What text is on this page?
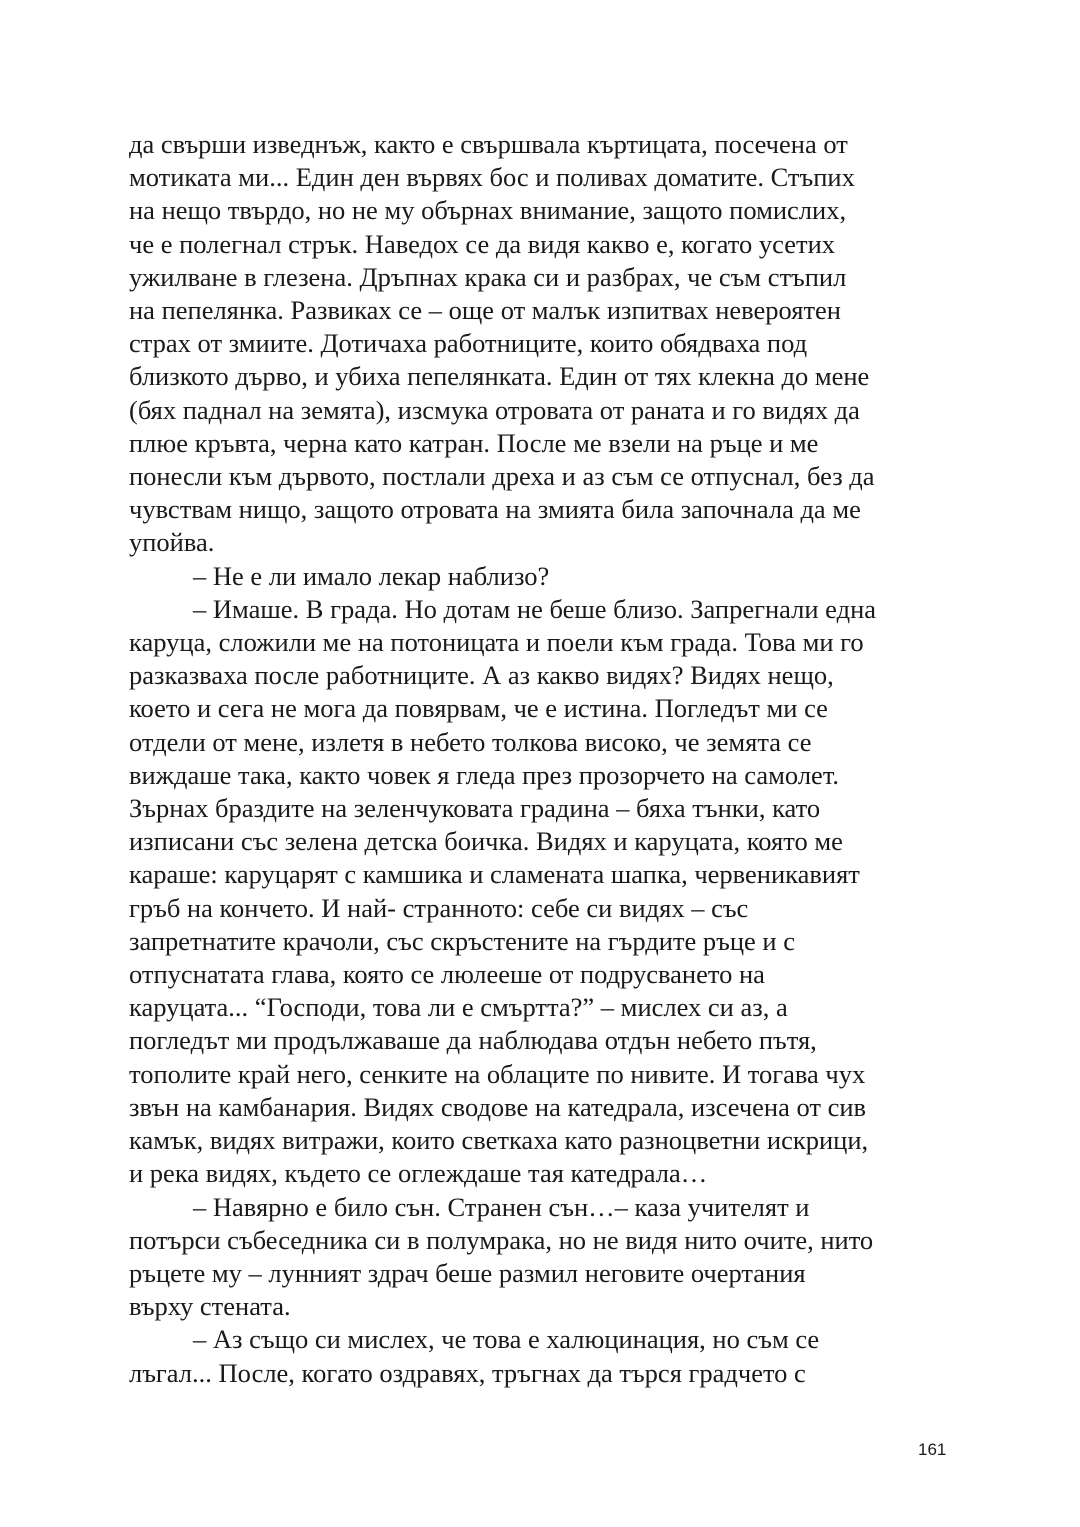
да свърши изведнъж, както е свършвала къртицата, посечена от
мотиката ми... Един ден вървях бос и поливах доматите. Стъпих
на нещо твърдо, но не му обърнах внимание, защото помислих,
че е полегнал стрък. Наведох се да видя какво е, когато усетих
ужилване в глезена. Дръпнах крака си и разбрах, че съм стъпил
на пепелянка. Развиках се – още от малък изпитвах невероятен
страх от змиите. Дотичаха работниците, които обядваха под
близкото дърво, и убиха пепелянката. Един от тях клекна до мене
(бях паднал на земята), изсмука отровата от раната и го видях да
плюе кръвта, черна като катран. После ме взели на ръце и ме
понесли към дървото, постлали дреха и аз съм се отпуснал, без да
чувствам нищо, защото отровата на змията била започнала да ме
упойва.
– Не е ли имало лекар наблизо?
– Имаше. В града. Но дотам не беше близо. Запрегнали една
каруца, сложили ме на потоницата и поели към града. Това ми го
разказваха после работниците. А аз какво видях? Видях нещо,
което и сега не мога да повярвам, че е истина. Погледът ми се
отдели от мене, излетя в небето толкова високо, че земята се
виждаше така, както човек я гледа през прозорчето на самолет.
Зърнах браздите на зеленчуковата градина – бяха тънки, като
изписани със зелена детска боичка. Видях и каруцата, която ме
караше: каруцарят с камшика и сламената шапка, червеникавият
гръб на кончето. И най- странното: себе си видях – със
запретнатите крачоли, със скръстените на гърдите ръце и с
отпуснатата глава, която се люлееше от подрусването на
каруцата... “Господи, това ли е смъртта?” – мислех си аз, а
погледът ми продължаваше да наблюдава отдън небето пътя,
тополите край него, сенките на облаците по нивите. И тогава чух
звън на камбанария. Видях сводове на катедрала, изсечена от сив
камък, видях витражи, които светкаха като разноцветни искрици,
и река видях, където се оглеждаше тая катедрала…
– Навярно е било сън. Странен сън…– каза учителят и
потърси събеседника си в полумрака, но не видя нито очите, нито
ръцете му – лунният здрач беше размил неговите очертания
върху стената.
– Аз също си мислех, че това е халюцинация, но съм се
лъгал... После, когато оздравях, тръгнах да търся градчето с
161
